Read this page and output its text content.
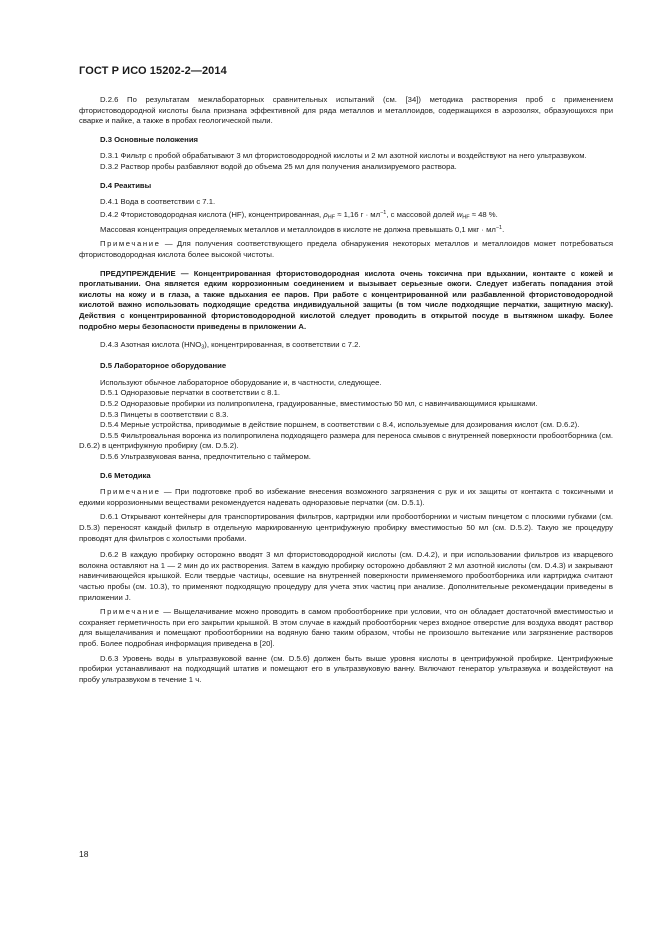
ГОСТ Р ИСО 15202-2—2014

D.2.6 По результатам межлабораторных сравнительных испытаний (см. [34]) методика растворения проб с применением фтористоводородной кислоты была признана эффективной для ряда металлов и металлоидов, содержащихся в аэрозолях, образующихся при сварке и пайке, а также в пробах геологической пыли.

D.3 Основные положения

D.3.1 Фильтр с пробой обрабатывают 3 мл фтористоводородной кислоты и 2 мл азотной кислоты и воздействуют на него ультразвуком.

D.3.2 Раствор пробы разбавляют водой до объема 25 мл для получения анализируемого раствора.

D.4 Реактивы

D.4.1 Вода в соответствии с 7.1.

D.4.2 Фтористоводородная кислота (HF), концентрированная, $\rho_{HF} \approx 1,16$ $г \cdot мл^{-1}$, с массовой долей $w_{HF} \approx 48$ %.

Массовая концентрация определяемых металлов и металлоидов в кислоте не должна превышать 0,1 мкг · $мл^{-1}$.

Примечание — Для получения соответствующего предела обнаружения некоторых металлов и металлоидов может потребоваться фтористоводородная кислота более высокой чистоты.

ПРЕДУПРЕЖДЕНИЕ — Концентрированная фтористоводородная кислота очень токсична при вдыхании, контакте с кожей и проглатывании. Она является едким коррозионным соединением и вызывает серьезные ожоги. Следует избегать попадания этой кислоты на кожу и в глаза, а также вдыхания ее паров. При работе с концентрированной или разбавленной фтористоводородной кислотой важно использовать подходящие средства индивидуальной защиты (в том числе подходящие перчатки, защитную маску). Действия с концентрированной фтористоводородной кислотой следует проводить в открытой посуде в вытяжном шкафу. Более подробно меры безопасности приведены в приложении А.

D.4.3 Азотная кислота $(HNO_3)$, концентрированная, в соответствии с 7.2.

D.5 Лабораторное оборудование

Используют обычное лабораторное оборудование и, в частности, следующее.

D.5.1 Одноразовые перчатки в соответствии с 8.1.

D.5.2 Одноразовые пробирки из полипропилена, градуированные, вместимостью 50 мл, с навинчивающимися крышками.

D.5.3 Пинцеты в соответствии с 8.3.

D.5.4 Мерные устройства, приводимые в действие поршнем, в соответствии с 8.4, используемые для дозирования кислот (см. D.6.2).

D.5.5 Фильтровальная воронка из полипропилена подходящего размера для переноса смывов с внутренней поверхности пробоотборника (см. D.6.2) в центрифужную пробирку (см. D.5.2).

D.5.6 Ультразвуковая ванна, предпочтительно с таймером.

D.6 Методика

Примечание — При подготовке проб во избежание внесения возможного загрязнения с рук и их защиты от контакта с токсичными и едкими коррозионными веществами рекомендуется надевать одноразовые перчатки (см. D.5.1).

D.6.1 Открывают контейнеры для транспортирования фильтров, картриджи или пробоотборники и чистым пинцетом с плоскими губками (см. D.5.3) переносят каждый фильтр в отдельную маркированную центрифужную пробирку вместимостью 50 мл (см. D.5.2). Такую же процедуру проводят для фильтров с холостыми пробами.

D.6.2 В каждую пробирку осторожно вводят 3 мл фтористоводородной кислоты (см. D.4.2), и при использовании фильтров из кварцевого волокна оставляют на 1 — 2 мин до их растворения. Затем в каждую пробирку осторожно добавляют 2 мл азотной кислоты (см. D.4.3) и закрывают навинчивающейся крышкой. Если твердые частицы, осевшие на внутренней поверхности применяемого пробоотборника или картриджа считают частью пробы (см. 10.3), то применяют подходящую процедуру для учета этих частиц при анализе. Дополнительные рекомендации приведены в приложении J.

Примечание — Выщелачивание можно проводить в самом пробоотборнике при условии, что он обладает достаточной вместимостью и сохраняет герметичность при его закрытии крышкой. В этом случае в каждый пробоотборник через входное отверстие для воздуха вводят раствор для выщелачивания и помещают пробоотборники на водяную баню таким образом, чтобы не произошло вытекание или загрязнение растворов проб. Более подробная информация приведена в [20].

D.6.3 Уровень воды в ультразвуковой ванне (см. D.5.6) должен быть выше уровня кислоты в центрифужной пробирке. Центрифужные пробирки устанавливают на подходящий штатив и помещают его в ультразвуковую ванну. Включают генератор ультразвука и воздействуют на пробу ультразвуком в течение 1 ч.

18
